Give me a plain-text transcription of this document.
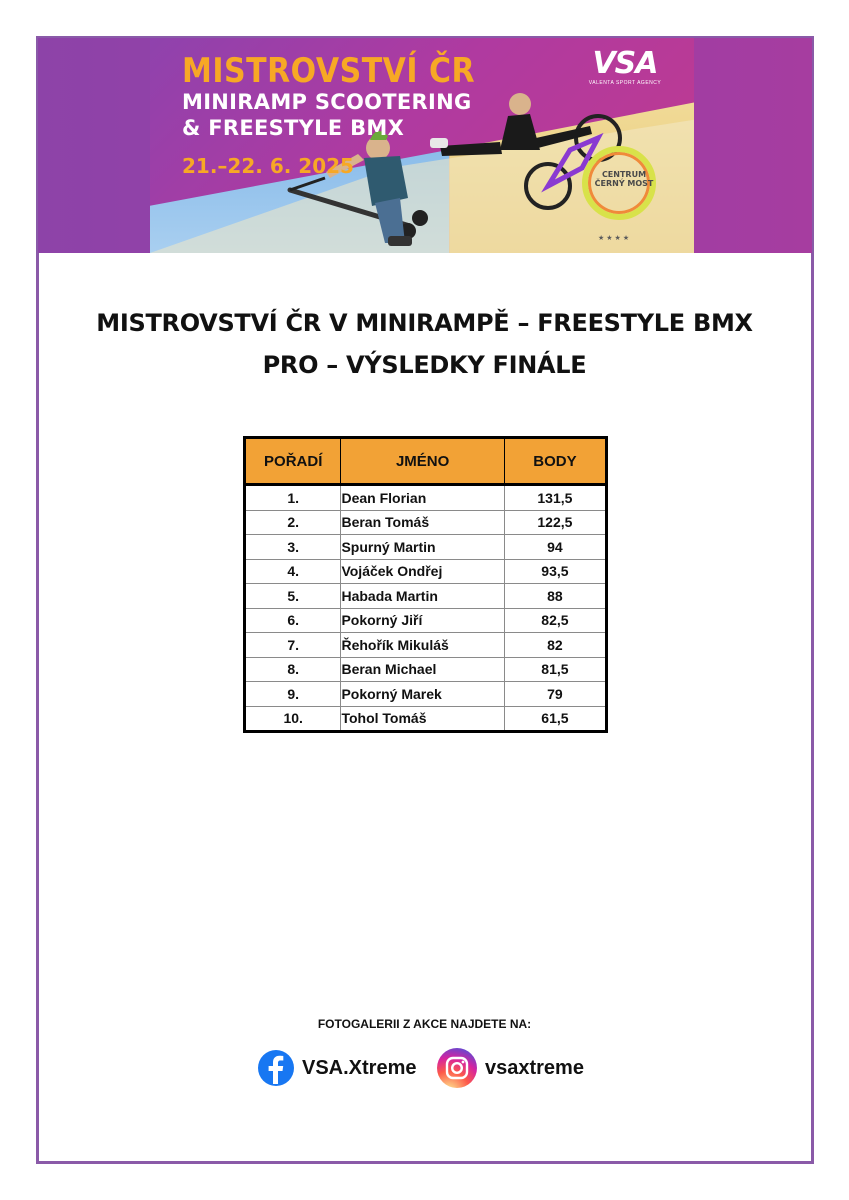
MISTROVSTVÍ ČR
MINIRAMP SCOOTERING
& FREESTYLE BMX
21.–22. 6. 2025
VSA
VALENTA SPORT AGENCY
CENTRUM ČERNÝ MOST
★★★★
MISTROVSTVÍ ČR V MINIRAMPĚ – FREESTYLE BMX
PRO – VÝSLEDKY FINÁLE
POŘADÍ	JMÉNO	BODY
1.	Dean Florian	131,5
2.	Beran Tomáš	122,5
3.	Spurný Martin	94
4.	Vojáček Ondřej	93,5
5.	Habada Martin	88
6.	Pokorný Jiří	82,5
7.	Řehořík Mikuláš	82
8.	Beran Michael	81,5
9.	Pokorný Marek	79
10.	Tohol Tomáš	61,5
FOTOGALERII Z AKCE NAJDETE NA:
VSA.Xtreme	vsaxtreme
